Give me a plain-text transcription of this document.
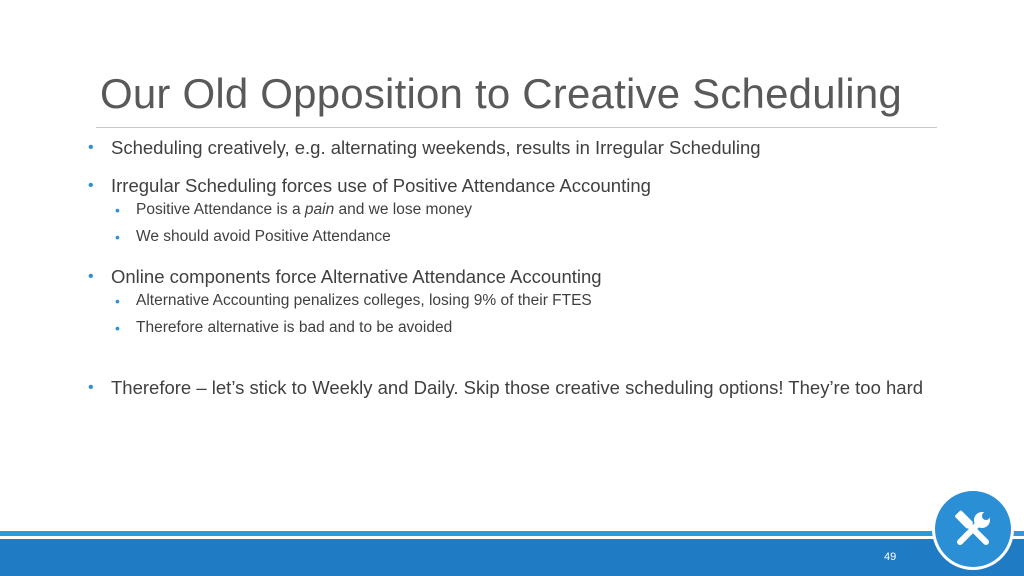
Our Old Opposition to Creative Scheduling
• Scheduling creatively, e.g. alternating weekends, results in Irregular Scheduling
• Irregular Scheduling forces use of Positive Attendance Accounting
• Positive Attendance is a pain and we lose money
• We should avoid Positive Attendance
• Online components force Alternative Attendance Accounting
• Alternative Accounting penalizes colleges, losing 9% of their FTES
• Therefore alternative is bad and to be avoided
• Therefore – let’s stick to Weekly and Daily. Skip those creative scheduling options! They’re too hard
49
